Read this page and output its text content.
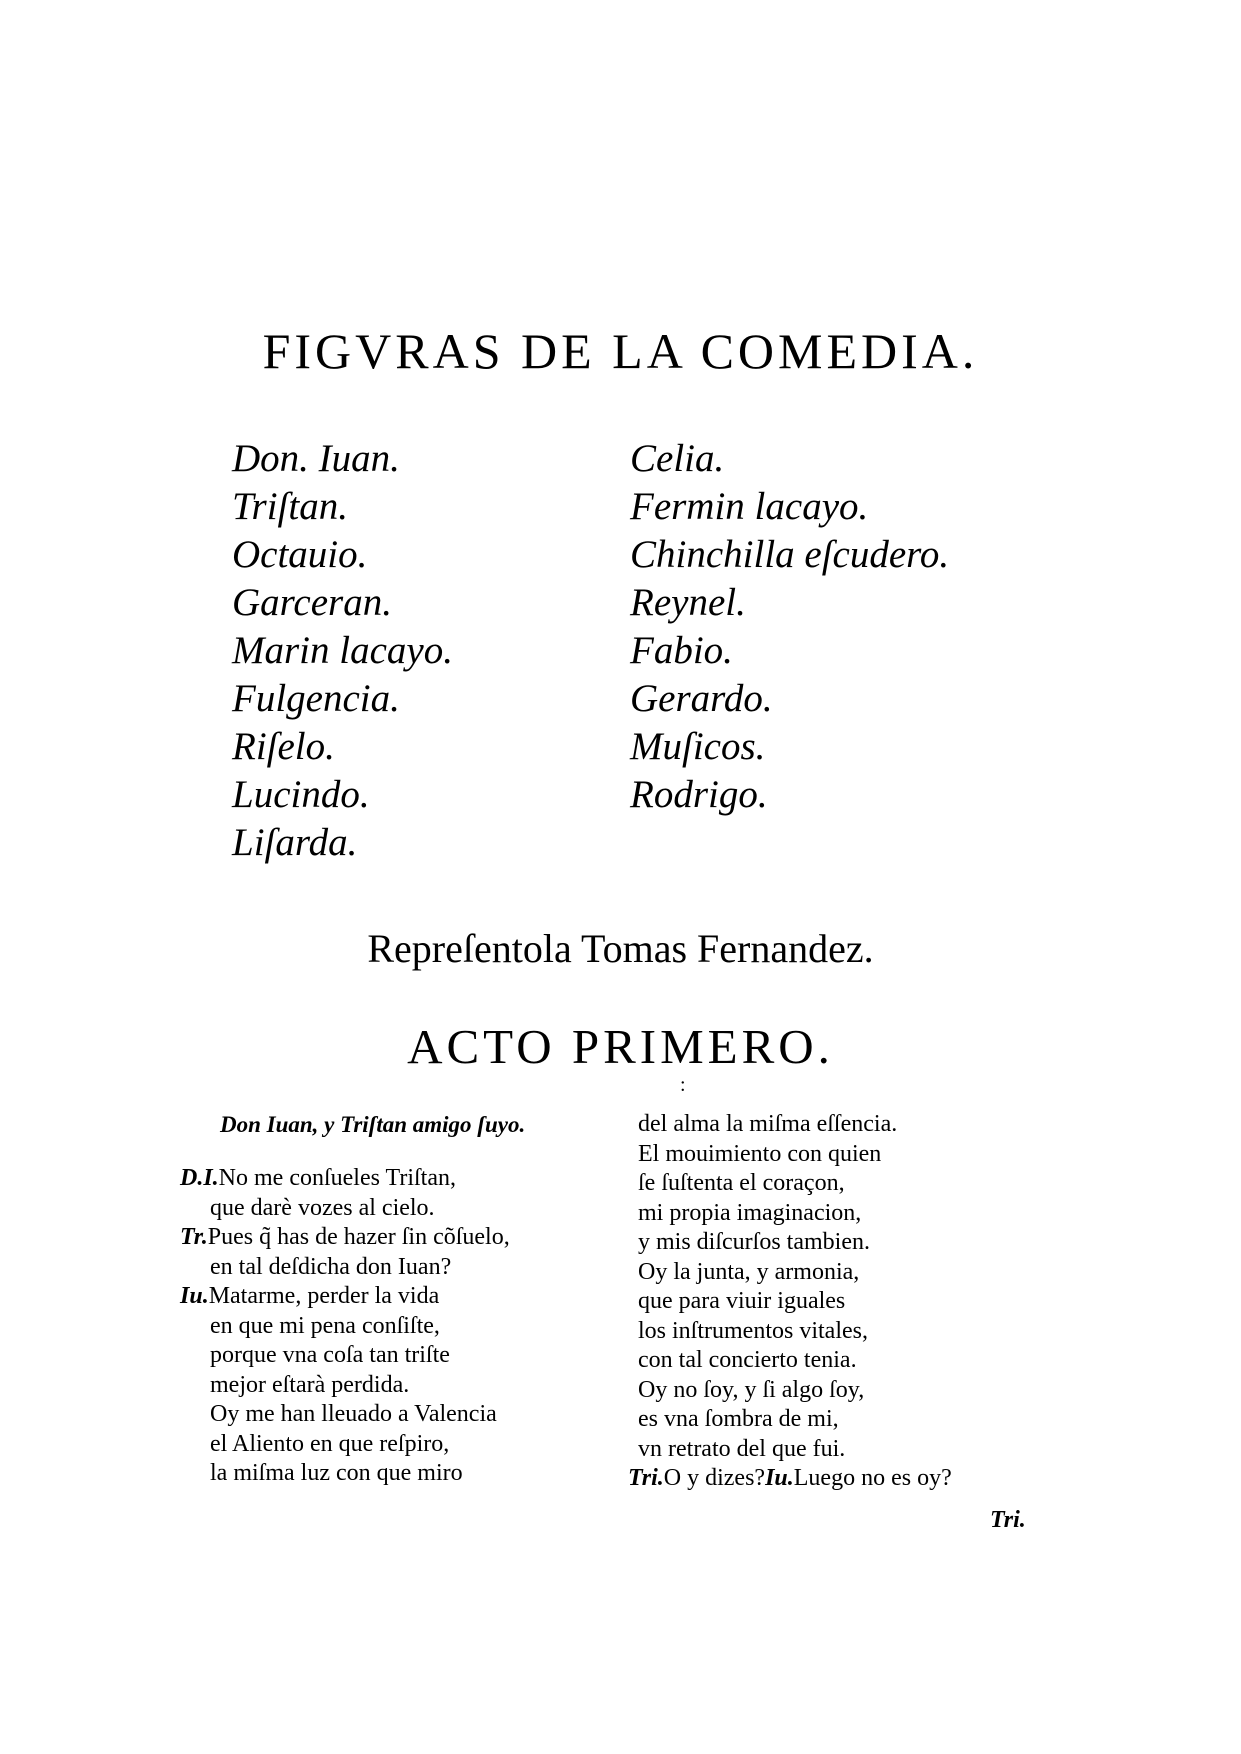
FIGVRAS DE LA COMEDIA.
Don. Iuan.
Triſtan.
Octauio.
Garceran.
Marin lacayo.
Fulgencia.
Riſelo.
Lucindo.
Liſarda.
Celia.
Fermin lacayo.
Chinchilla eſcudero.
Reynel.
Fabio.
Gerardo.
Muſicos.
Rodrigo.
Repreſentola Tomas Fernandez.
ACTO PRIMERO.
:
Don Iuan, y Triſtan amigo ſuyo.
D.I.No me conſueles Triſtan,
que darè vozes al cielo.
Tr.Pues q̃ has de hazer ſin cõſuelo,
en tal deſdicha don Iuan?
Iu.Matarme, perder la vida
en que mi pena conſiſte,
porque vna coſa tan triſte
mejor eſtarà perdida.
Oy me han lleuado a Valencia
el Aliento en que reſpiro,
la miſma luz con que miro
del alma la miſma eſſencia.
El mouimiento con quien
ſe ſuſtenta el coraçon,
mi propia imaginacion,
y mis diſcurſos tambien.
Oy la junta, y armonia,
que para viuir iguales
los inſtrumentos vitales,
con tal concierto tenia.
Oy no ſoy, y ſi algo ſoy,
es vna ſombra de mi,
vn retrato del que fui.
Tri.O y dizes?Iu.Luego no es oy?
Tri.
